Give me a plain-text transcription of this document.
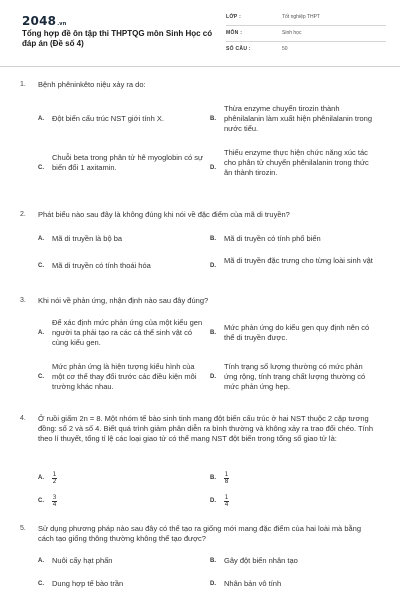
2048.vn
Tổng hợp đề ôn tập thi THPTQG môn Sinh Học có đáp án (Đề số 4)
LỚP :	Tốt nghiệp THPT
MÔN :	Sinh học
SỐ CÂU :	50
1. Bệnh phêninkêto niệu xảy ra do:
A. Đột biến cấu trúc NST giới tính X.	B.
Thừa enzyme chuyển tirozin thành phênilalanin làm xuất hiện phênilalanin trong nước tiểu.
C.
Chuỗi beta trong phân tử hê myoglobin có sự biến đổi 1 axitamin.	D.
Thiếu enzyme thực hiện chức năng xúc tác cho phân tử chuyển phênilalanin trong thức ăn thành tirozin.
2. Phát biểu nào sau đây là không đúng khi nói về đặc điểm của mã di truyền?
A. Mã di truyền là bộ ba	B. Mã di truyền có tính phổ biến
C. Mã di truyền có tính thoái hóa	D.
Mã di truyền đặc trưng cho từng loài sinh vật
3. Khi nói về phản ứng, nhận định nào sau đây đúng?
A.
Để xác định mức phản ứng của một kiểu gen người ta phải tạo ra các cá thể sinh vật có cùng kiểu gen.
B.
Mức phản ứng do kiểu gen quy định nên có thể di truyền được.
C.
Mức phản ứng là hiện tượng kiểu hình của một cơ thể thay đổi trước các điều kiện môi trường khác nhau.
D.
Tính trạng số lượng thường có mức phản ứng rộng, tính trạng chất lượng thường có mức phản ứng hẹp.
4. Ở ruồi giấm 2n = 8. Một nhóm tế bào sinh tinh mang đột biến cấu trúc ở hai NST thuộc 2 cặp tương đồng: số 2 và số 4. Biết quá trình giảm phân diễn ra bình thường và không xảy ra trao đổi chéo. Tính theo lí thuyết, tổng tỉ lệ các loại giao tử có thể mang NST đột biến trong tổng số giao tử là:
A. 1
2	B. 1
8
C. 3
4	D. 1
4
5. Sử dụng phương pháp nào sau đây có thể tạo ra giống mới mang đặc điểm của hai loài mà bằng cách tạo giống thông thường không thể tạo được?
A. Nuôi cấy hạt phấn	B. Gây đột biến nhân tạo
C. Dung hợp tế bào trần	D. Nhân bản vô tính
